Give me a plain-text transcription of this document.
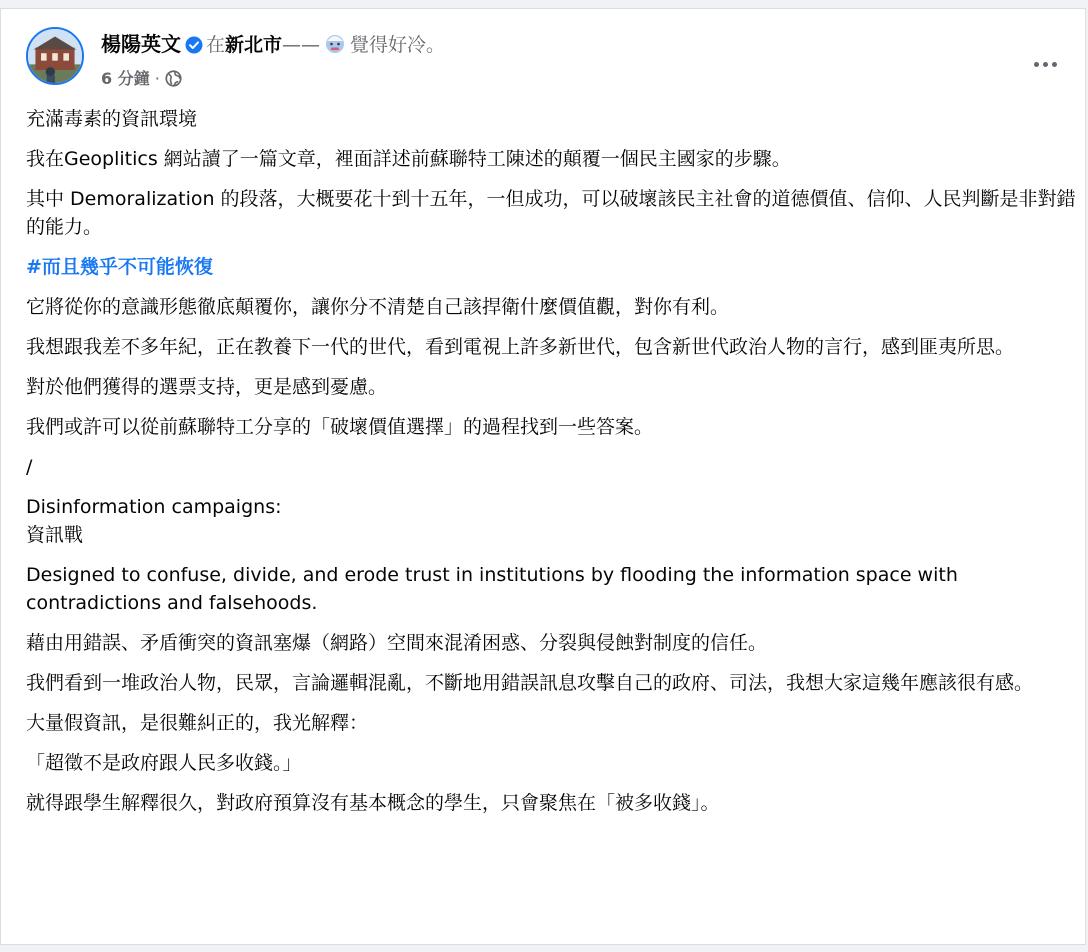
楊陽英文 在新北市—— 覺得好冷。
6 分鐘 ·

充滿毒素的資訊環境

我在Geoplitics 網站讀了一篇文章，裡面詳述前蘇聯特工陳述的顛覆一個民主國家的步驟。

其中 Demoralization 的段落，大概要花十到十五年，一但成功，可以破壞該民主社會的道德價值、信仰、人民判斷是非對錯的能力。

#而且幾乎不可能恢復

它將從你的意識形態徹底顛覆你，讓你分不清楚自己該捍衛什麼價值觀，對你有利。

我想跟我差不多年紀，正在教養下一代的世代，看到電視上許多新世代，包含新世代政治人物的言行，感到匪夷所思。

對於他們獲得的選票支持，更是感到憂慮。

我們或許可以從前蘇聯特工分享的「破壞價值選擇」的過程找到一些答案。

/

Disinformation campaigns:

資訊戰

Designed to confuse, divide, and erode trust in institutions by flooding the information space with contradictions and falsehoods.

藉由用錯誤、矛盾衝突的資訊塞爆（網路）空間來混淆困惑、分裂與侵蝕對制度的信任。

我們看到一堆政治人物，民眾，言論邏輯混亂，不斷地用錯誤訊息攻擊自己的政府、司法，我想大家這幾年應該很有感。

大量假資訊，是很難糾正的，我光解釋：

「超徵不是政府跟人民多收錢。」

就得跟學生解釋很久，對政府預算沒有基本概念的學生，只會聚焦在「被多收錢」。
